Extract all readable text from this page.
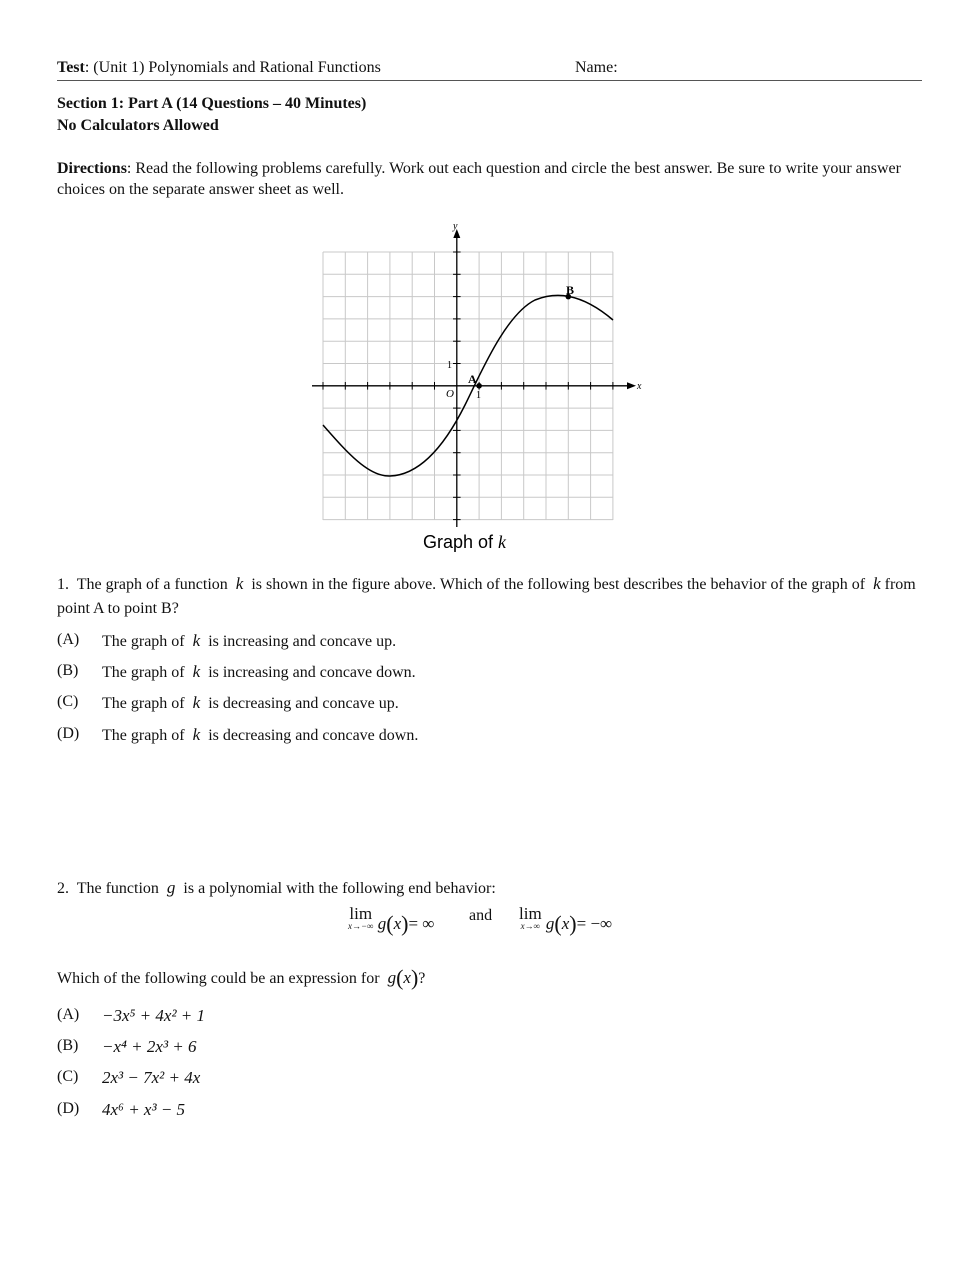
Test: (Unit 1) Polynomials and Rational Functions	Name:
Section 1: Part A (14 Questions – 40 Minutes)
No Calculators Allowed
Directions: Read the following problems carefully. Work out each question and circle the best answer. Be sure to write your answer choices on the separate answer sheet as well.
y
x
O 1
1
A
B
Graph of k
1. The graph of a function k is shown in the figure above. Which of the following best describes the behavior of the graph of k from point A to point B?
(A)	The graph of k is increasing and concave up.
(B)	The graph of k is increasing and concave down.
(C)	The graph of k is decreasing and concave up.
(D)	The graph of k is decreasing and concave down.
2. The function g is a polynomial with the following end behavior:
lim
x→−∞ g(x)= ∞ and lim
x→∞ g(x)= −∞
Which of the following could be an expression for g(x)?
(A)	−3x⁵ + 4x² + 1
(B)	−x⁴ + 2x³ + 6
(C)	2x³ − 7x² + 4x
(D)	4x⁶ + x³ − 5
